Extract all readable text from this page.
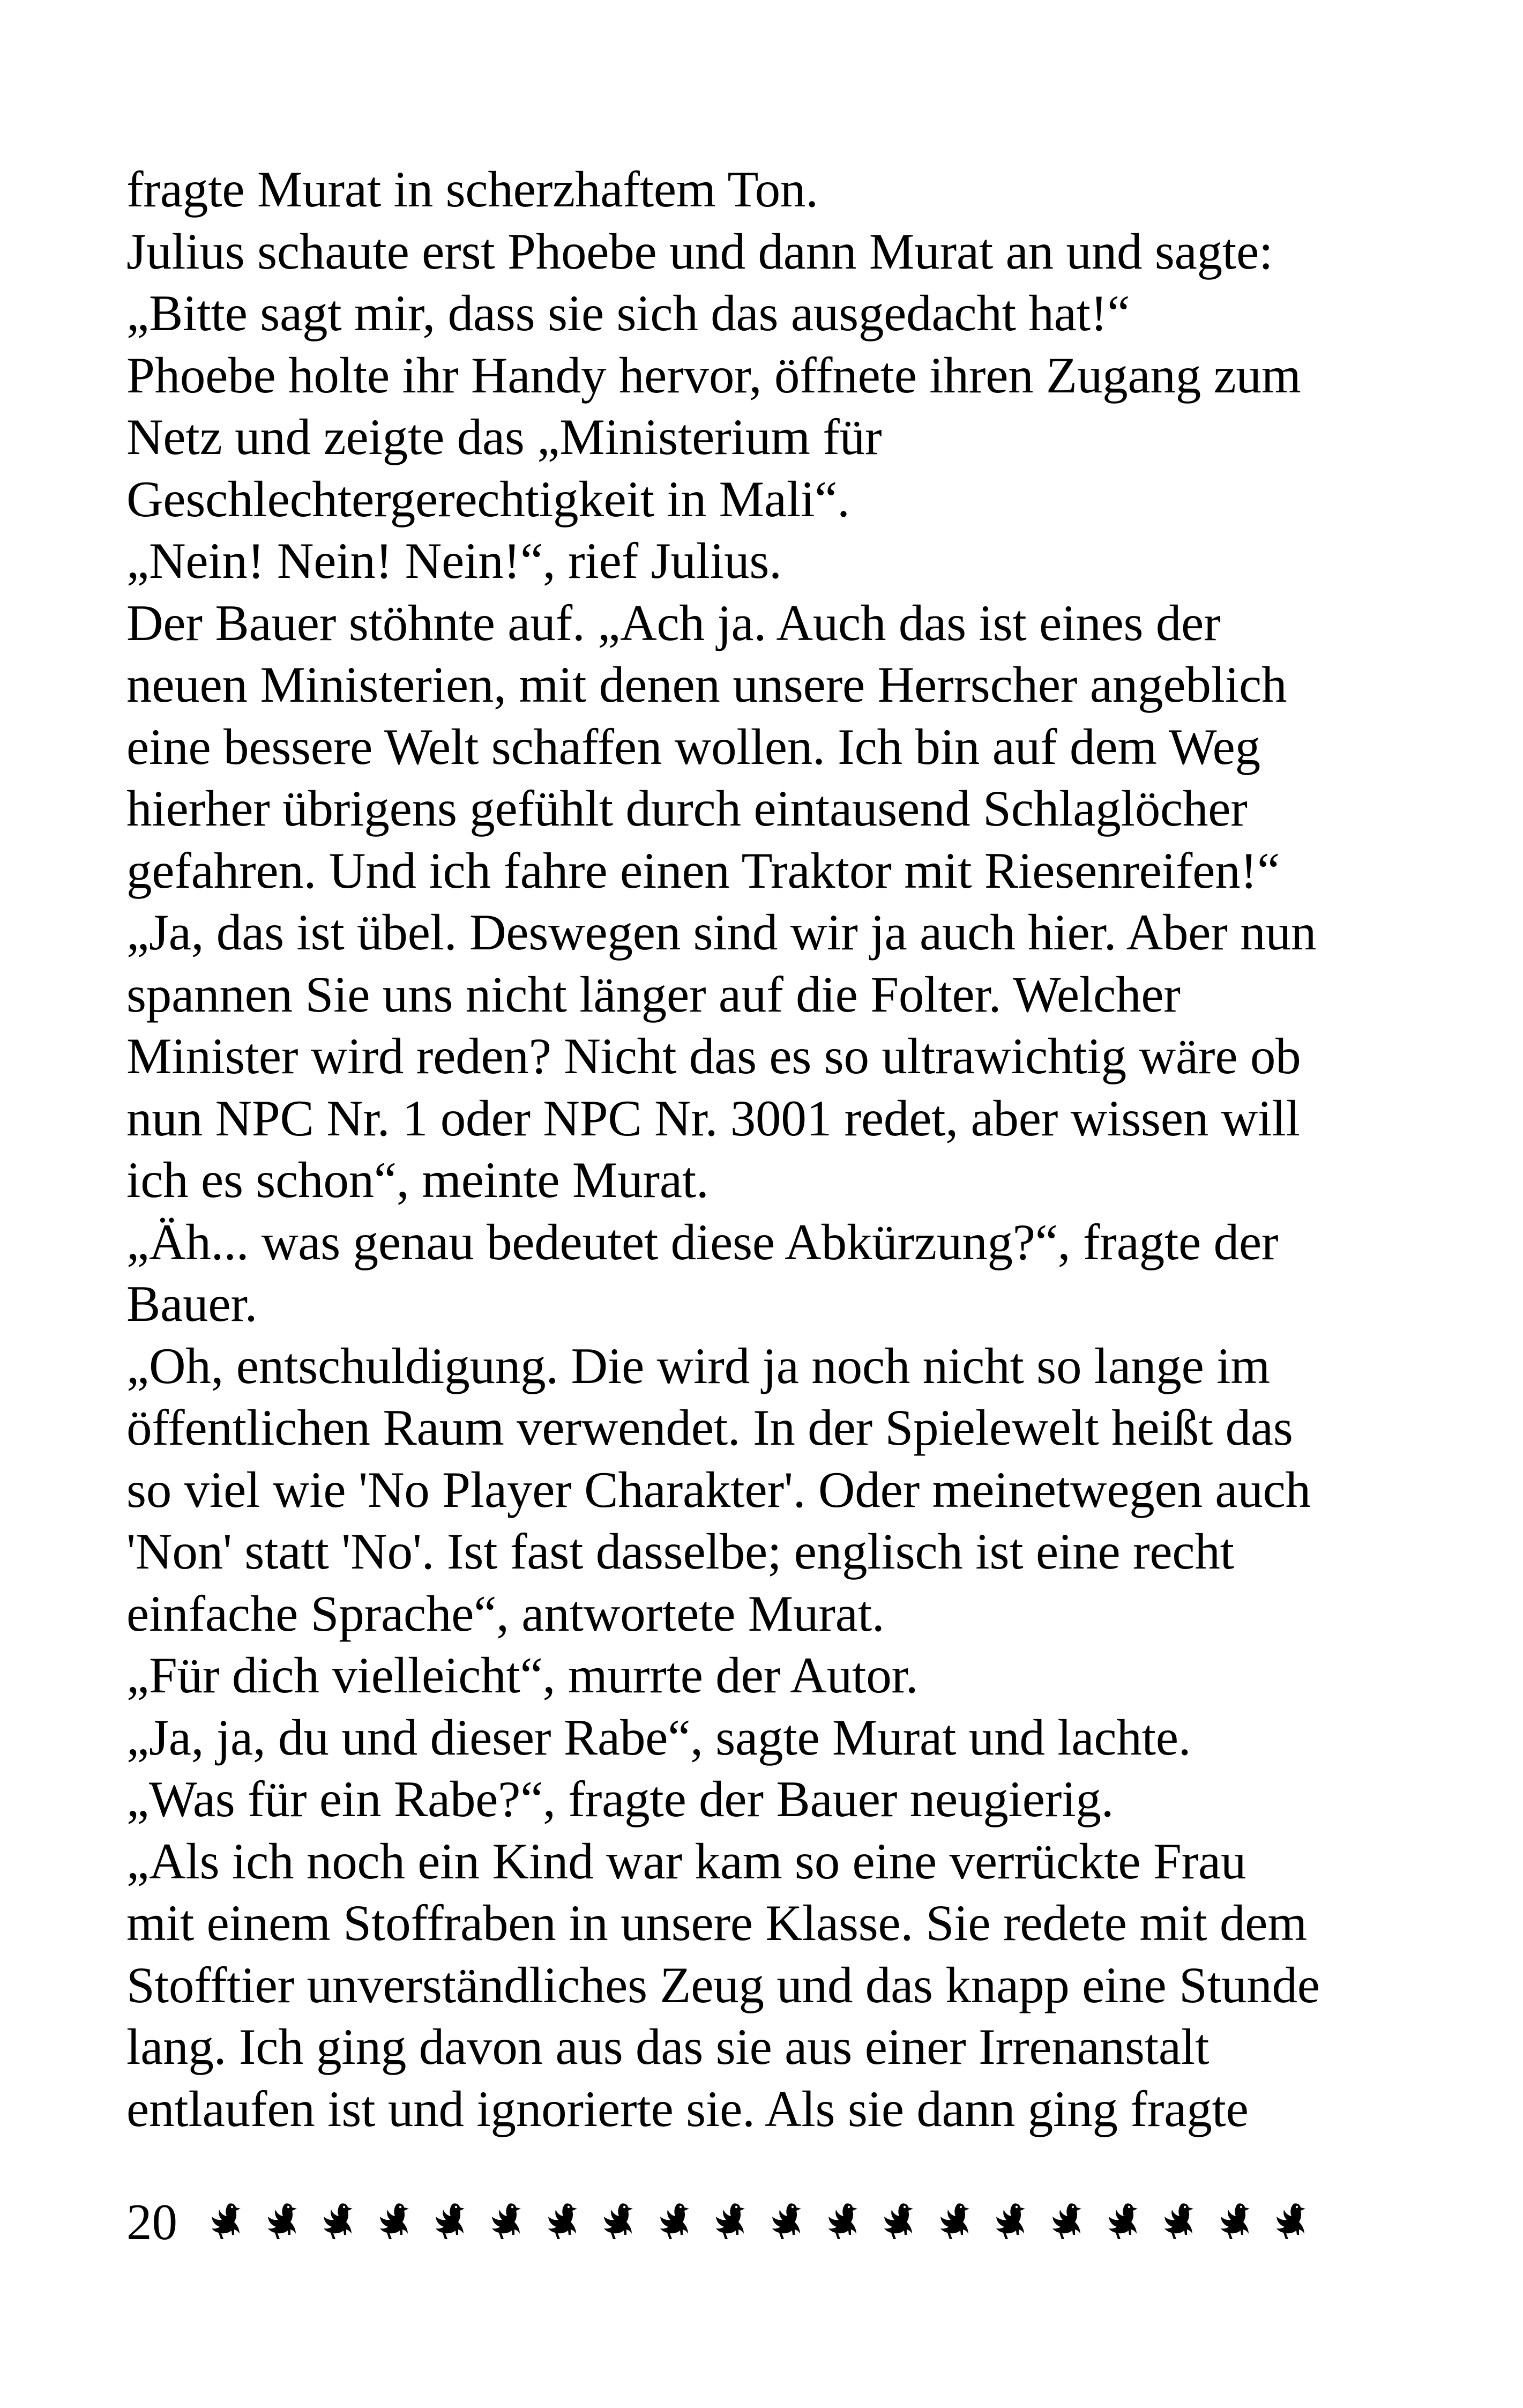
fragte Murat in scherzhaftem Ton.
Julius schaute erst Phoebe und dann Murat an und sagte:
„Bitte sagt mir, dass sie sich das ausgedacht hat!“
Phoebe holte ihr Handy hervor, öffnete ihren Zugang zum
Netz und zeigte das „Ministerium für
Geschlechtergerechtigkeit in Mali“.
„Nein! Nein! Nein!“, rief Julius.
Der Bauer stöhnte auf. „Ach ja. Auch das ist eines der
neuen Ministerien, mit denen unsere Herrscher angeblich
eine bessere Welt schaffen wollen. Ich bin auf dem Weg
hierher übrigens gefühlt durch eintausend Schlaglöcher
gefahren. Und ich fahre einen Traktor mit Riesenreifen!“
„Ja, das ist übel. Deswegen sind wir ja auch hier. Aber nun
spannen Sie uns nicht länger auf die Folter. Welcher
Minister wird reden? Nicht das es so ultrawichtig wäre ob
nun NPC Nr. 1 oder NPC Nr. 3001 redet, aber wissen will
ich es schon“, meinte Murat.
„Äh... was genau bedeutet diese Abkürzung?“, fragte der
Bauer.
„Oh, entschuldigung. Die wird ja noch nicht so lange im
öffentlichen Raum verwendet. In der Spielewelt heißt das
so viel wie 'No Player Charakter'. Oder meinetwegen auch
'Non' statt 'No'. Ist fast dasselbe; englisch ist eine recht
einfache Sprache“, antwortete Murat.
„Für dich vielleicht“, murrte der Autor.
„Ja, ja, du und dieser Rabe“, sagte Murat und lachte.
„Was für ein Rabe?“, fragte der Bauer neugierig.
„Als ich noch ein Kind war kam so eine verrückte Frau
mit einem Stoffraben in unsere Klasse. Sie redete mit dem
Stofftier unverständliches Zeug und das knapp eine Stunde
lang. Ich ging davon aus das sie aus einer Irrenanstalt
entlaufen ist und ignorierte sie. Als sie dann ging fragte
20
